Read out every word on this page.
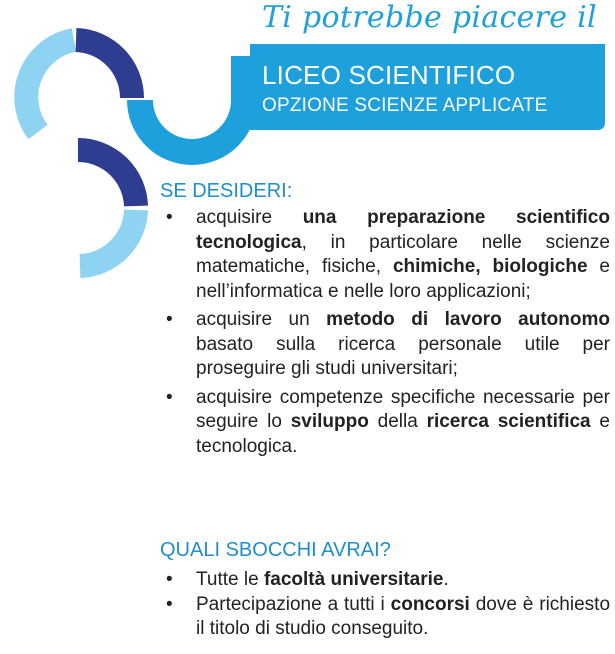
Ti potrebbe piacere il
LICEO SCIENTIFICO
OPZIONE SCIENZE APPLICATE
SE DESIDERI:
• acquisire una preparazione scientifico tecnologica, in particolare nelle scienze matematiche, fisiche, chimiche, biologiche e nell’informatica e nelle loro applicazioni;
• acquisire un metodo di lavoro autonomo basato sulla ricerca personale utile per proseguire gli studi universitari;
• acquisire competenze specifiche necessarie per seguire lo sviluppo della ricerca scientifica e tecnologica.
QUALI SBOCCHI AVRAI?
• Tutte le facoltà universitarie.
• Partecipazione a tutti i concorsi dove è richiesto il titolo di studio conseguito.
